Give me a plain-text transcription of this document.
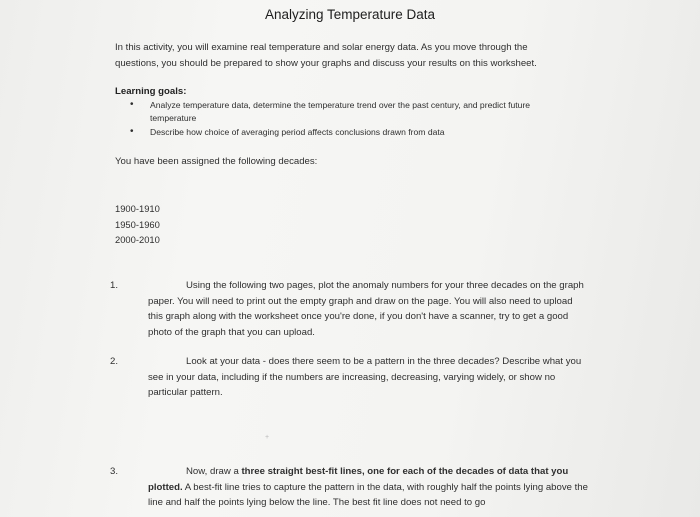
Analyzing Temperature Data
In this activity, you will examine real temperature and solar energy data. As you move through the questions, you should be prepared to show your graphs and discuss your results on this worksheet.
Learning goals:
• Analyze temperature data, determine the temperature trend over the past century, and predict future temperature
• Describe how choice of averaging period affects conclusions drawn from data
You have been assigned the following decades:
1900-1910
1950-1960
2000-2010
1.	Using the following two pages, plot the anomaly numbers for your three decades on the graph paper. You will need to print out the empty graph and draw on the page. You will also need to upload this graph along with the worksheet once you're done, if you don't have a scanner, try to get a good photo of the graph that you can upload.
2.	Look at your data - does there seem to be a pattern in the three decades? Describe what you see in your data, including if the numbers are increasing, decreasing, varying widely, or show no particular pattern.
+
3.	Now, draw a three straight best-fit lines, one for each of the decades of data that you plotted. A best-fit line tries to capture the pattern in the data, with roughly half the points lying above the line and half the points lying below the line. The best fit line does not need to go
